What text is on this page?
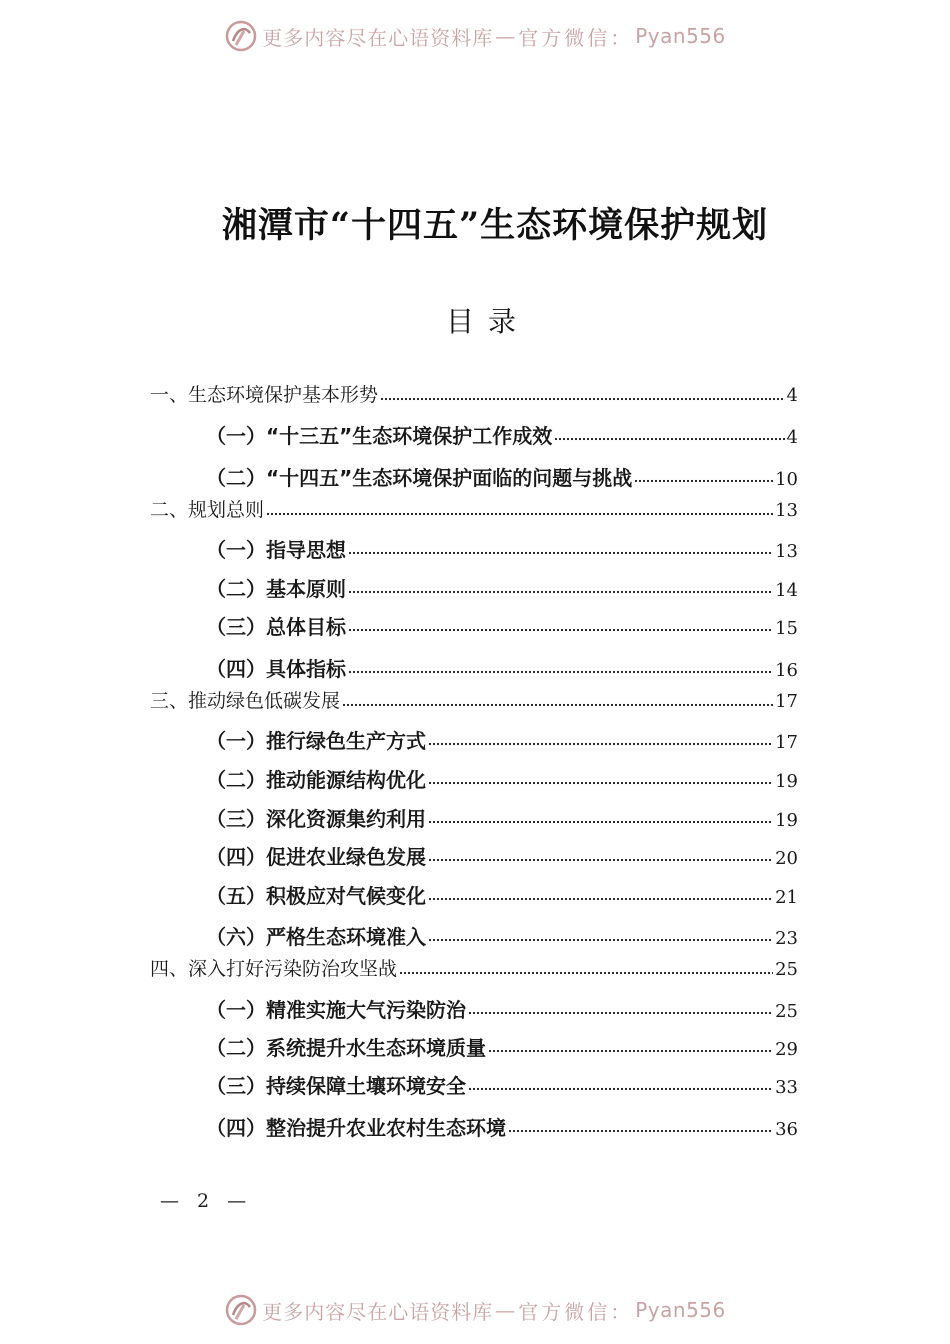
更多内容尽在心语资料库 — 官方微信： Pyan556
湘潭市“十四五”生态环境保护规划
目录
一、生态环境保护基本形势	4
（一）“十三五”生态环境保护工作成效	4
（二）“十四五”生态环境保护面临的问题与挑战	10
二、规划总则	13
（一）指导思想	13
（二）基本原则	14
（三）总体目标	15
（四）具体指标	16
三、推动绿色低碳发展	17
（一）推行绿色生产方式	17
（二）推动能源结构优化	19
（三）深化资源集约利用	19
（四）促进农业绿色发展	20
（五）积极应对气候变化	21
（六）严格生态环境准入	23
四、深入打好污染防治攻坚战	25
（一）精准实施大气污染防治	25
（二）系统提升水生态环境质量	29
（三）持续保障土壤环境安全	33
（四）整治提升农业农村生态环境	36
— 2 —
更多内容尽在心语资料库 — 官方微信： Pyan556
